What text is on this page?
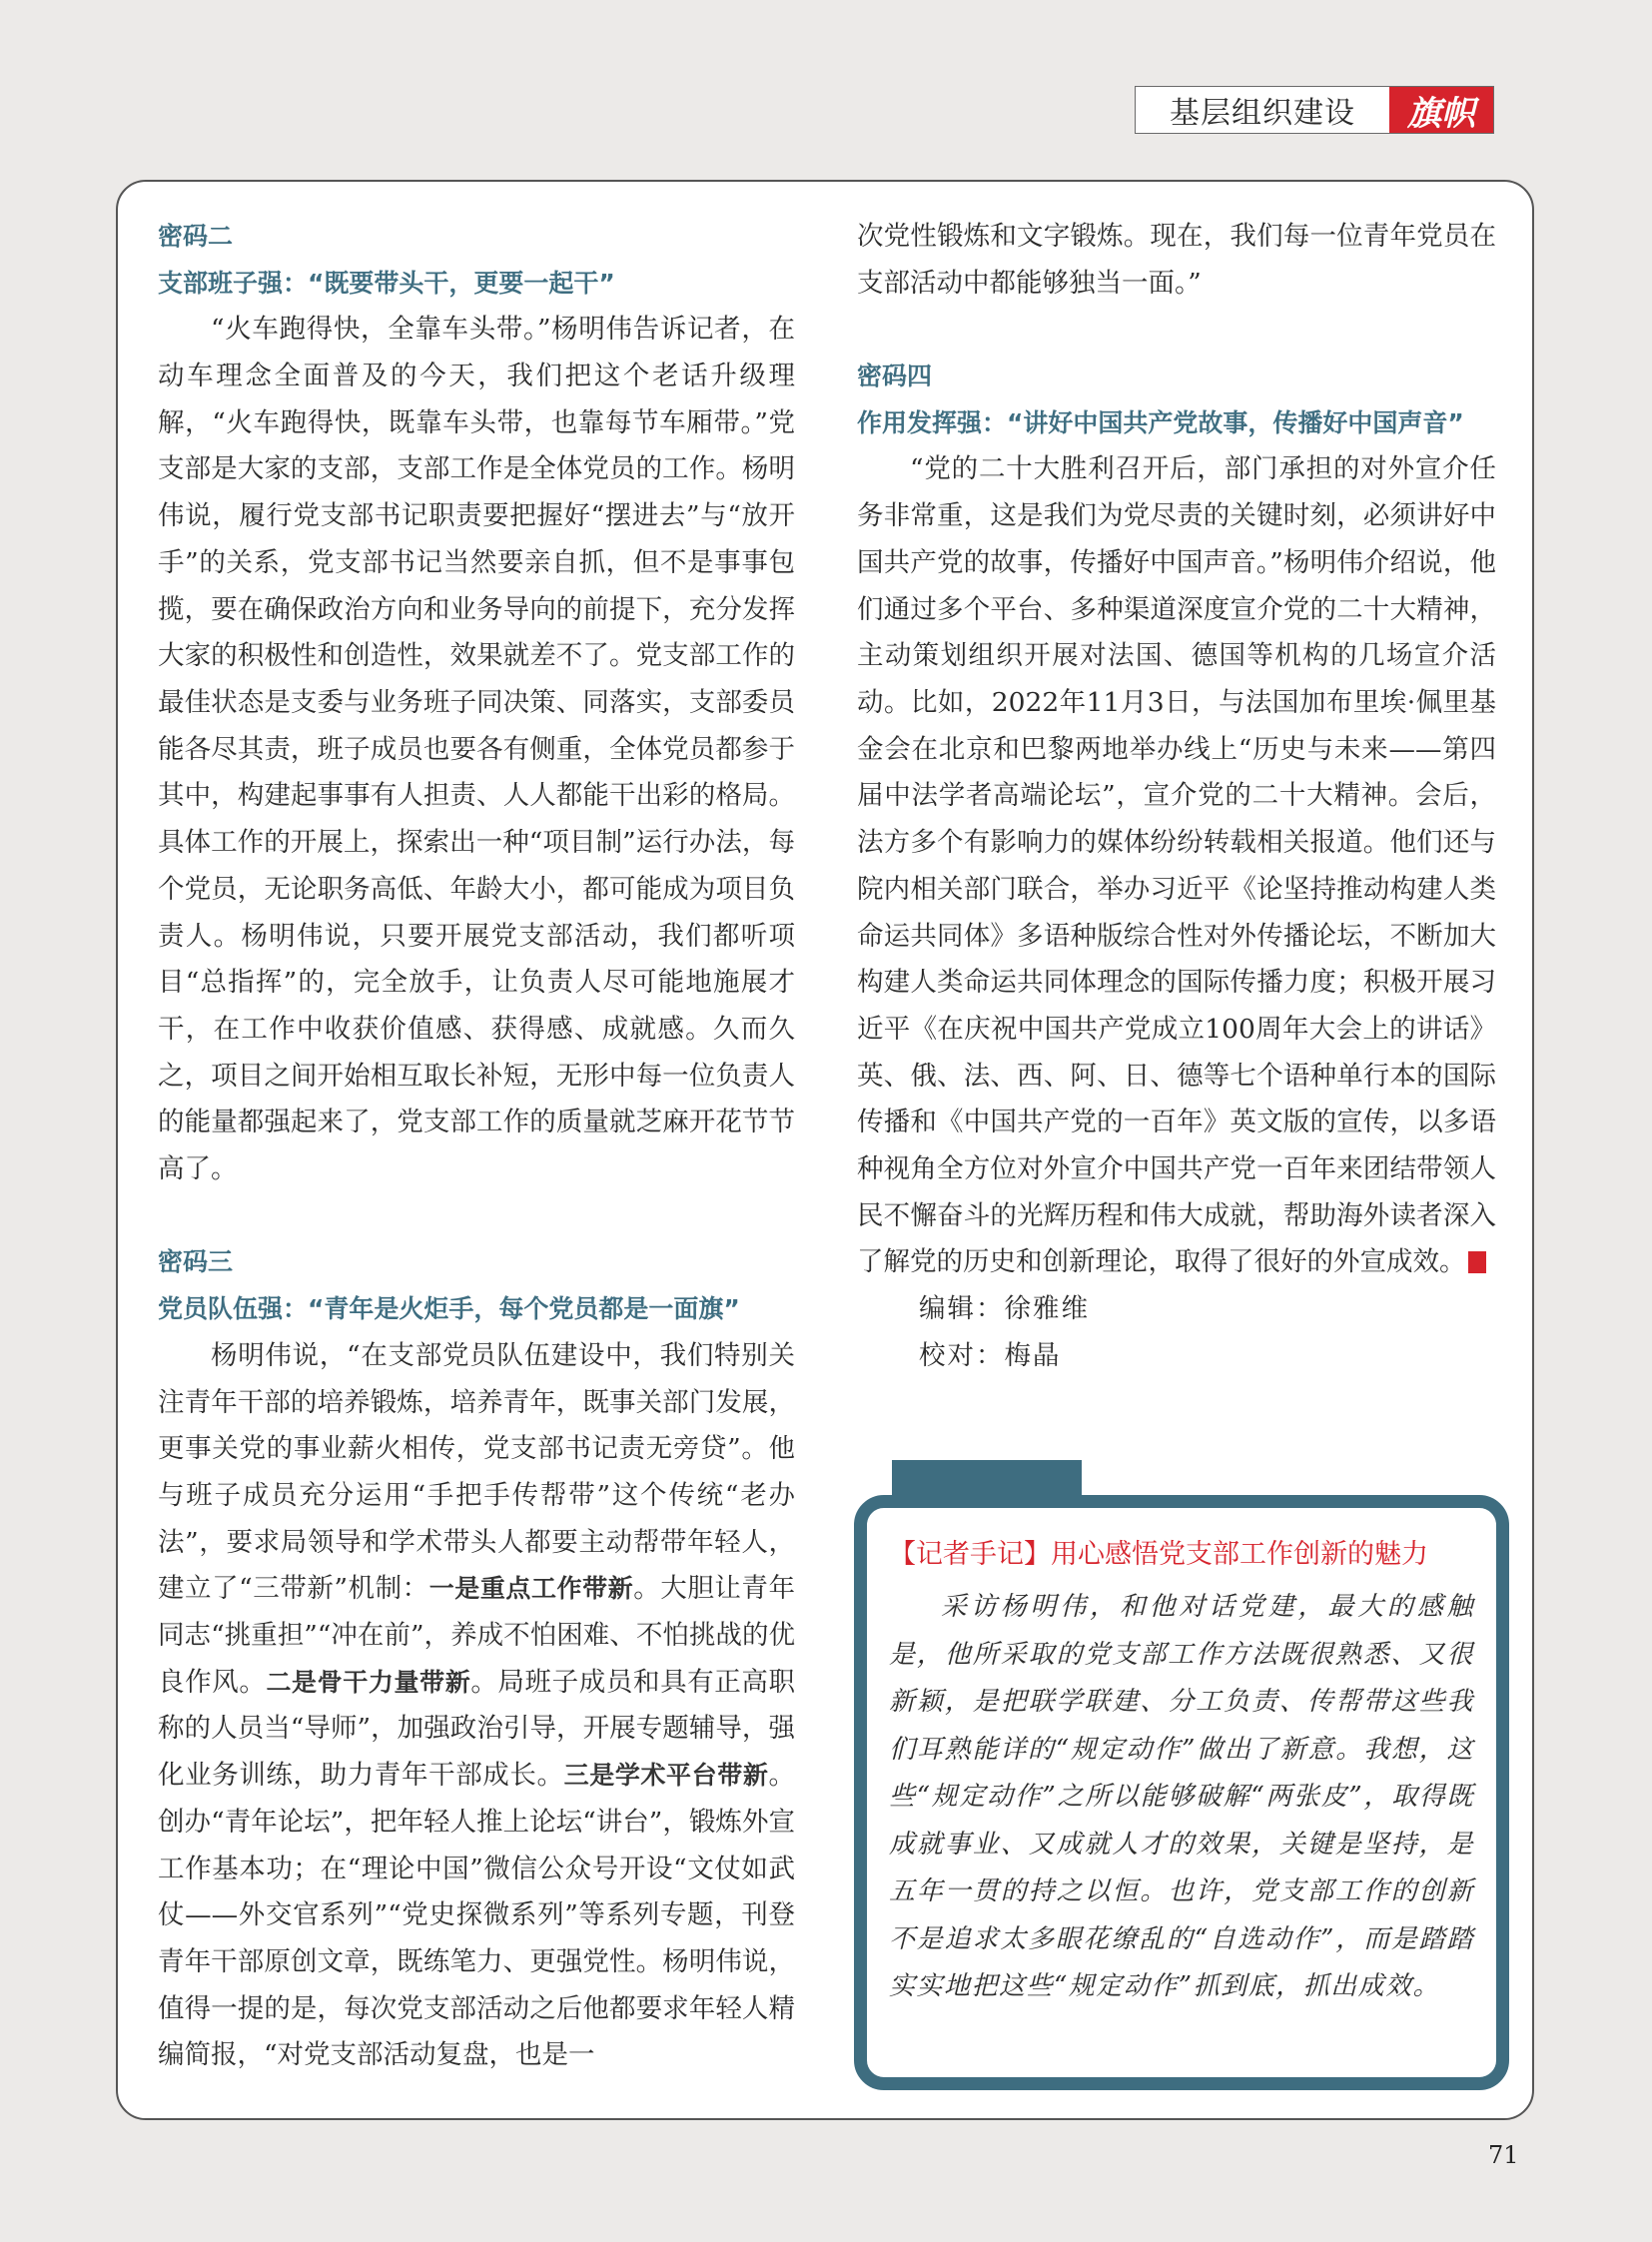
基层组织建设	旗帜
密码二
支部班子强：“既要带头干，更要一起干”

“火车跑得快，全靠车头带。”杨明伟告诉记者，在动车理念全面普及的今天，我们把这个老话升级理解，“火车跑得快，既靠车头带，也靠每节车厢带。”党支部是大家的支部，支部工作是全体党员的工作。杨明伟说，履行党支部书记职责要把握好“摆进去”与“放开手”的关系，党支部书记当然要亲自抓，但不是事事包揽，要在确保政治方向和业务导向的前提下，充分发挥大家的积极性和创造性，效果就差不了。党支部工作的最佳状态是支委与业务班子同决策、同落实，支部委员能各尽其责，班子成员也要各有侧重，全体党员都参于其中，构建起事事有人担责、人人都能干出彩的格局。具体工作的开展上，探索出一种“项目制”运行办法，每个党员，无论职务高低、年龄大小，都可能成为项目负责人。杨明伟说，只要开展党支部活动，我们都听项目“总指挥”的，完全放手，让负责人尽可能地施展才干，在工作中收获价值感、获得感、成就感。久而久之，项目之间开始相互取长补短，无形中每一位负责人的能量都强起来了，党支部工作的质量就芝麻开花节节高了。

密码三
党员队伍强：“青年是火炬手，每个党员都是一面旗”

杨明伟说，“在支部党员队伍建设中，我们特别关注青年干部的培养锻炼，培养青年，既事关部门发展，更事关党的事业薪火相传，党支部书记责无旁贷”。他与班子成员充分运用“手把手传帮带”这个传统“老办法”，要求局领导和学术带头人都要主动帮带年轻人，建立了“三带新”机制：一是重点工作带新。大胆让青年同志“挑重担”“冲在前”，养成不怕困难、不怕挑战的优良作风。二是骨干力量带新。局班子成员和具有正高职称的人员当“导师”，加强政治引导，开展专题辅导，强化业务训练，助力青年干部成长。三是学术平台带新。创办“青年论坛”，把年轻人推上论坛“讲台”，锻炼外宣工作基本功；在“理论中国”微信公众号开设“文仗如武仗——外交官系列”“党史探微系列”等系列专题，刊登青年干部原创文章，既练笔力、更强党性。杨明伟说，值得一提的是，每次党支部活动之后他都要求年轻人精编简报，“对党支部活动复盘，也是一

次党性锻炼和文字锻炼。现在，我们每一位青年党员在支部活动中都能够独当一面。”

密码四
作用发挥强：“讲好中国共产党故事，传播好中国声音”

“党的二十大胜利召开后，部门承担的对外宣介任务非常重，这是我们为党尽责的关键时刻，必须讲好中国共产党的故事，传播好中国声音。”杨明伟介绍说，他们通过多个平台、多种渠道深度宣介党的二十大精神，主动策划组织开展对法国、德国等机构的几场宣介活动。比如，2022年11月3日，与法国加布里埃·佩里基金会在北京和巴黎两地举办线上“历史与未来——第四届中法学者高端论坛”，宣介党的二十大精神。会后，法方多个有影响力的媒体纷纷转载相关报道。他们还与院内相关部门联合，举办习近平《论坚持推动构建人类命运共同体》多语种版综合性对外传播论坛，不断加大构建人类命运共同体理念的国际传播力度；积极开展习近平《在庆祝中国共产党成立100周年大会上的讲话》英、俄、法、西、阿、日、德等七个语种单行本的国际传播和《中国共产党的一百年》英文版的宣传，以多语种视角全方位对外宣介中国共产党一百年来团结带领人民不懈奋斗的光辉历程和伟大成就，帮助海外读者深入了解党的历史和创新理论，取得了很好的外宣成效。

编辑：徐雅维
校对：梅晶
【记者手记】用心感悟党支部工作创新的魅力
采访杨明伟，和他对话党建，最大的感触是，他所采取的党支部工作方法既很熟悉、又很新颖，是把联学联建、分工负责、传帮带这些我们耳熟能详的“规定动作”做出了新意。我想，这些“规定动作”之所以能够破解“两张皮”，取得既成就事业、又成就人才的效果，关键是坚持，是五年一贯的持之以恒。也许，党支部工作的创新不是追求太多眼花缭乱的“自选动作”，而是踏踏实实地把这些“规定动作”抓到底，抓出成效。
71
